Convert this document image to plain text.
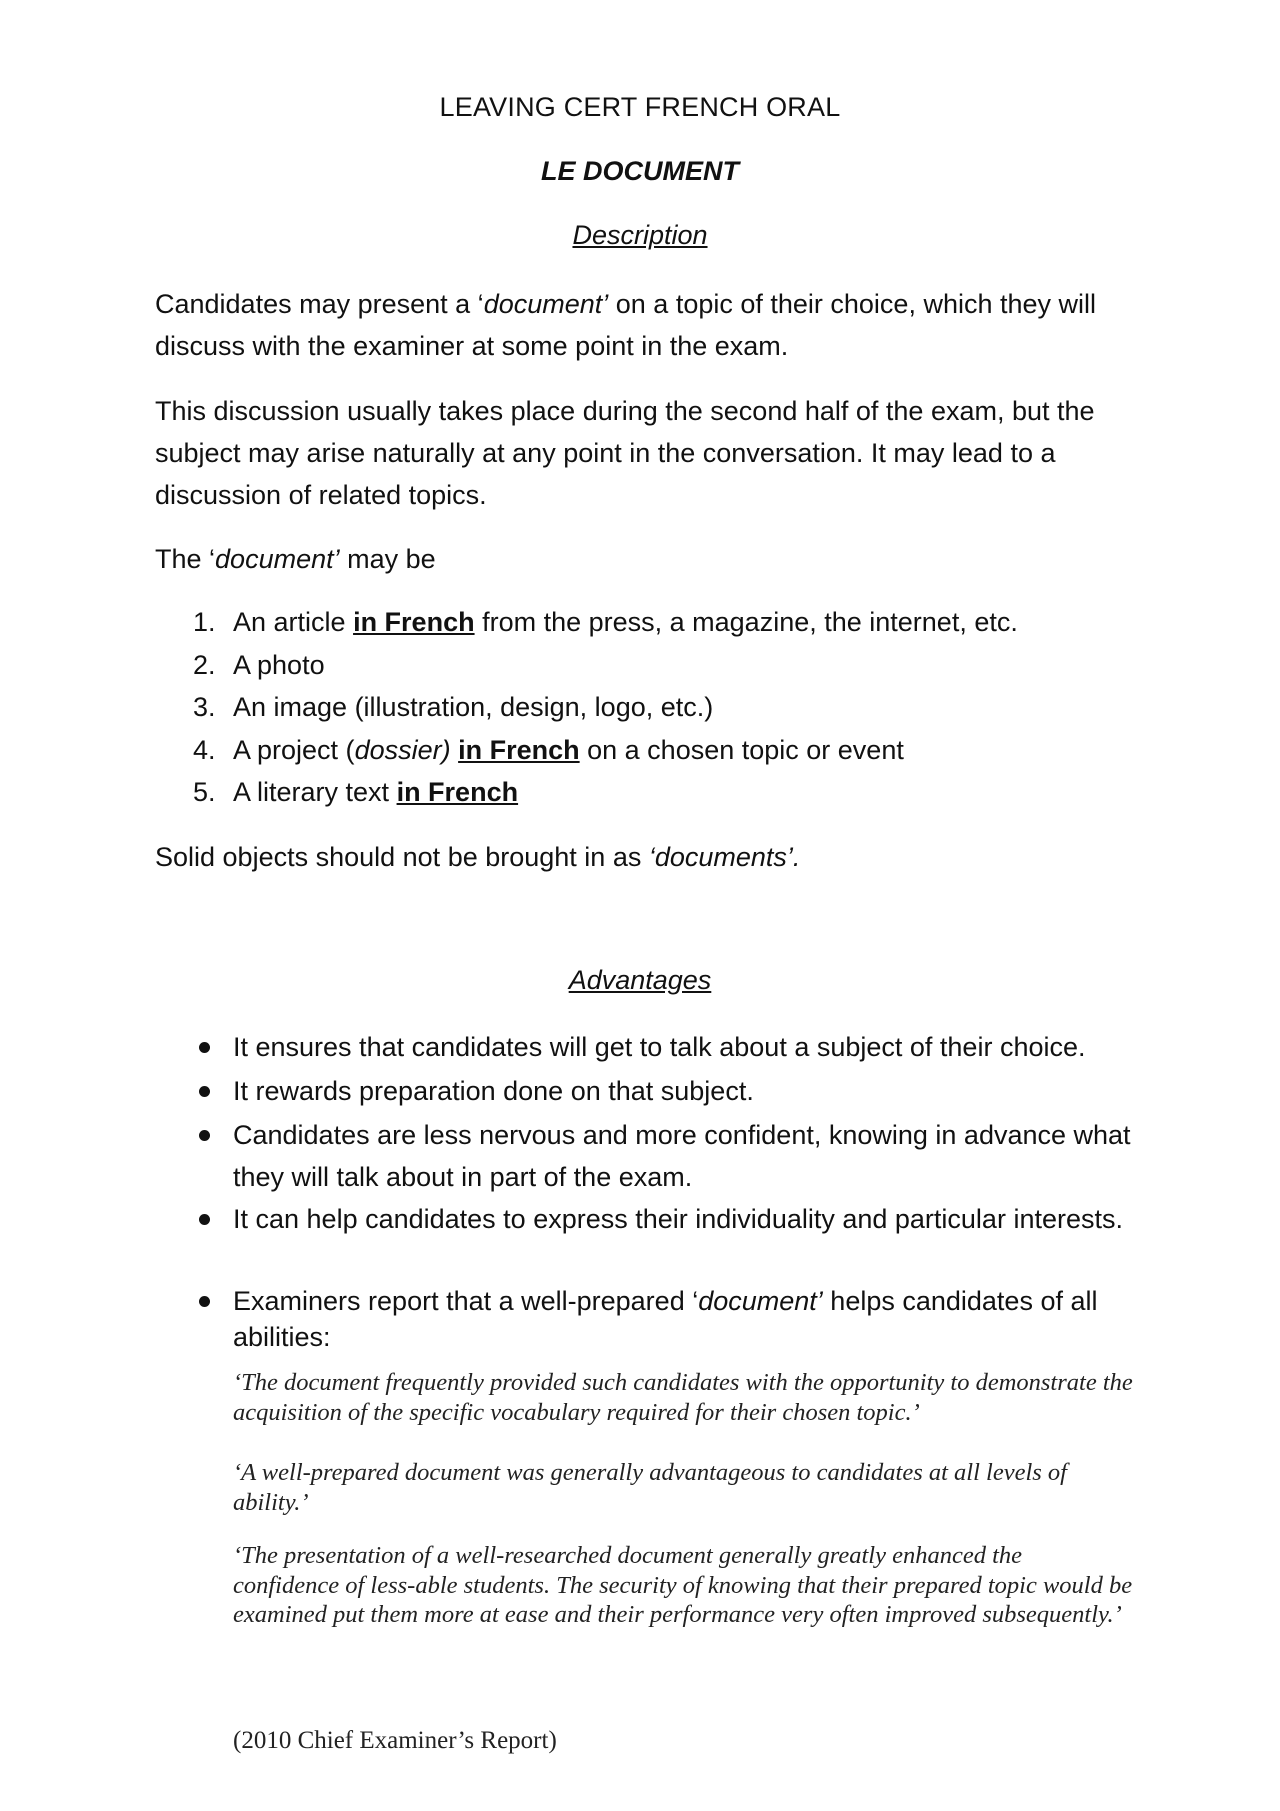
LEAVING CERT FRENCH ORAL

LE DOCUMENT

Description

Candidates may present a ‘document’ on a topic of their choice, which they will discuss with the examiner at some point in the exam.

This discussion usually takes place during the second half of the exam, but the subject may arise naturally at any point in the conversation. It may lead to a discussion of related topics.

The ‘document’ may be

1. An article in French from the press, a magazine, the internet, etc.
2. A photo
3. An image (illustration, design, logo, etc.)
4. A project (dossier) in French on a chosen topic or event
5. A literary text in French

Solid objects should not be brought in as ‘documents’.

Advantages

It ensures that candidates will get to talk about a subject of their choice.
It rewards preparation done on that subject.
Candidates are less nervous and more confident, knowing in advance what they will talk about in part of the exam.
It can help candidates to express their individuality and particular interests.
Examiners report that a well-prepared ‘document’ helps candidates of all abilities:

‘The document frequently provided such candidates with the opportunity to demonstrate the acquisition of the specific vocabulary required for their chosen topic.’

‘A well-prepared document was generally advantageous to candidates at all levels of ability.’

‘The presentation of a well-researched document generally greatly enhanced the confidence of less-able students. The security of knowing that their prepared topic would be examined put them more at ease and their performance very often improved subsequently.’

(2010 Chief Examiner’s Report)
